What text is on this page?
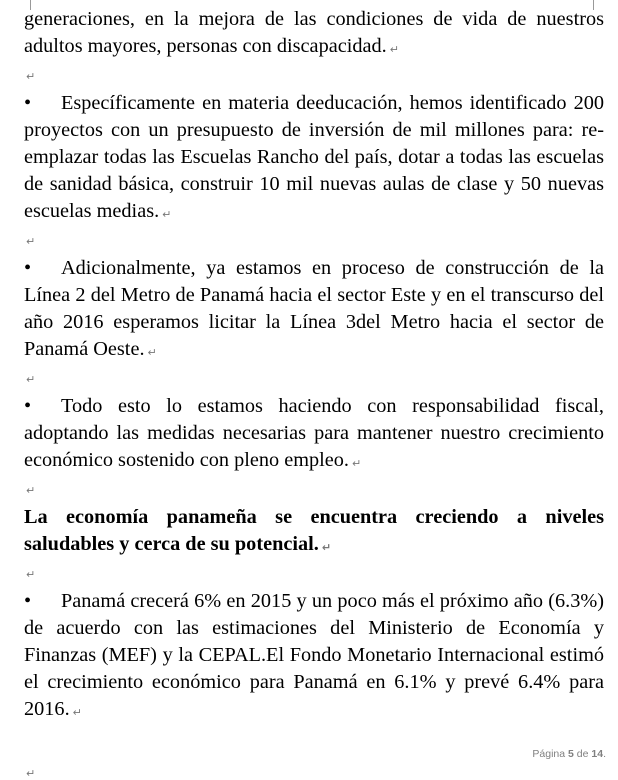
generaciones, en la mejora de las condiciones de vida de nuestros adultos mayores, personas con discapacidad. ↵

↵

• Específicamente en materia deeducación, hemos identificado 200 proyectos con un presupuesto de inversión de mil millones para: re-emplazar todas las Escuelas Rancho del país, dotar a todas las escuelas de sanidad básica, construir 10 mil nuevas aulas de clase y 50 nuevas escuelas medias. ↵

↵

• Adicionalmente, ya estamos en proceso de construcción de la Línea 2 del Metro de Panamá hacia el sector Este y en el transcurso del año 2016 esperamos licitar la Línea 3del Metro hacia el sector de Panamá Oeste. ↵

↵

• Todo esto lo estamos haciendo con responsabilidad fiscal, adoptando las medidas necesarias para mantener nuestro crecimiento económico sostenido con pleno empleo. ↵

↵

La economía panameña se encuentra creciendo a niveles saludables y cerca de su potencial. ↵

↵

• Panamá crecerá 6% en 2015 y un poco más el próximo año (6.3%) de acuerdo con las estimaciones del Ministerio de Economía y Finanzas (MEF) y la CEPAL.El Fondo Monetario Internacional estimó el crecimiento económico para Panamá en 6.1% y prevé 6.4% para 2016. ↵

Página 5 de 14.
↵
